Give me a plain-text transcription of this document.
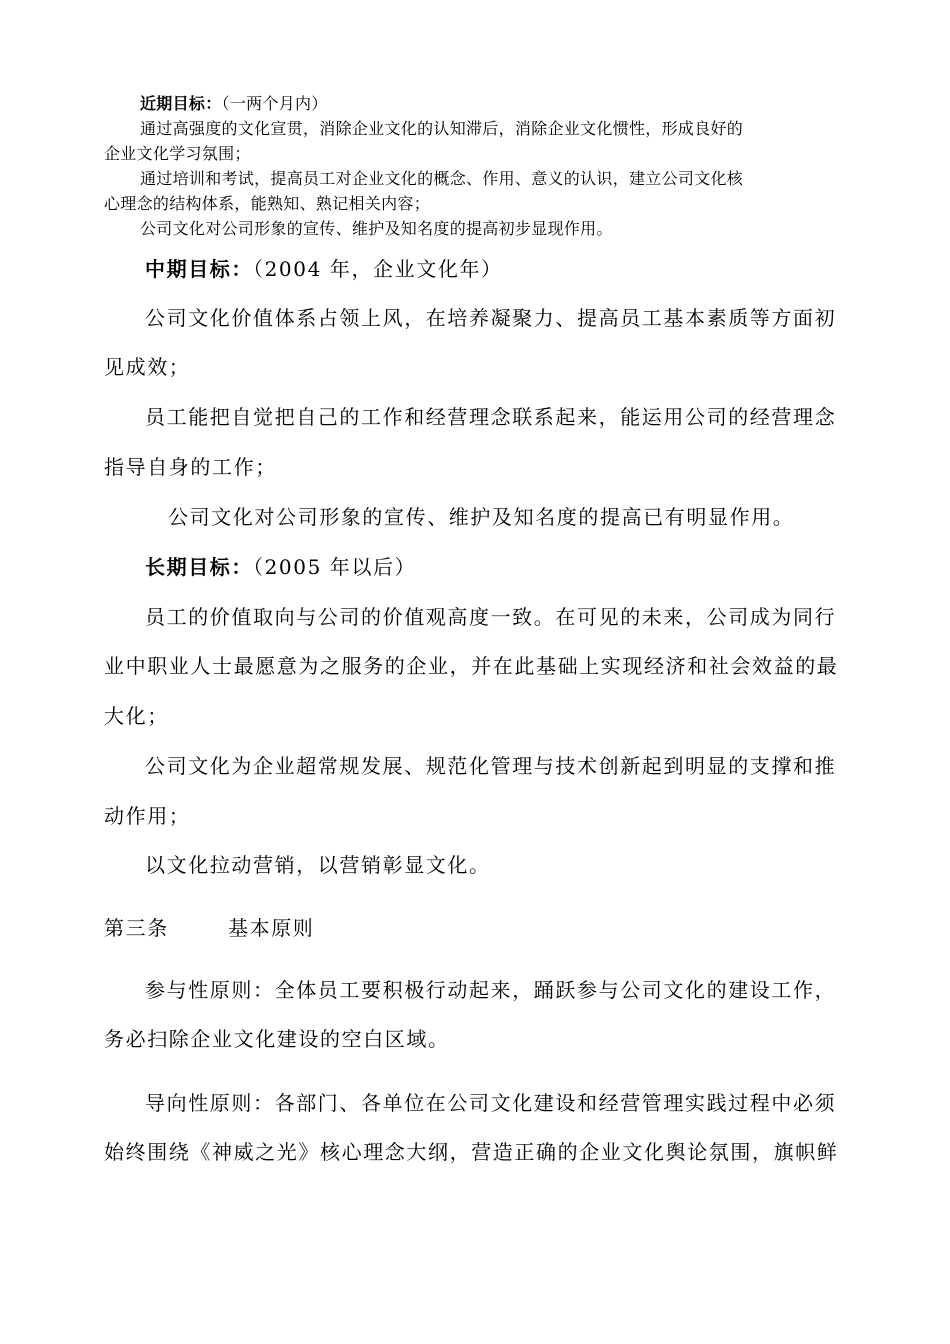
近期目标：（一两个月内）
通过高强度的文化宣贯，消除企业文化的认知滞后，消除企业文化惯性，形成良好的
企业文化学习氛围；
通过培训和考试，提高员工对企业文化的概念、作用、意义的认识，建立公司文化核
心理念的结构体系，能熟知、熟记相关内容；
公司文化对公司形象的宣传、维护及知名度的提高初步显现作用。
中期目标：（2004 年，企业文化年）
公司文化价值体系占领上风，在培养凝聚力、提高员工基本素质等方面初
见成效；
员工能把自觉把自己的工作和经营理念联系起来，能运用公司的经营理念
指导自身的工作；
公司文化对公司形象的宣传、维护及知名度的提高已有明显作用。
长期目标：（2005 年以后）
员工的价值取向与公司的价值观高度一致。在可见的未来，公司成为同行
业中职业人士最愿意为之服务的企业，并在此基础上实现经济和社会效益的最
大化；
公司文化为企业超常规发展、规范化管理与技术创新起到明显的支撑和推
动作用；
以文化拉动营销，以营销彰显文化。
第三条	基本原则
参与性原则：全体员工要积极行动起来，踊跃参与公司文化的建设工作，
务必扫除企业文化建设的空白区域。
导向性原则：各部门、各单位在公司文化建设和经营管理实践过程中必须
始终围绕《神威之光》核心理念大纲，营造正确的企业文化舆论氛围，旗帜鲜
